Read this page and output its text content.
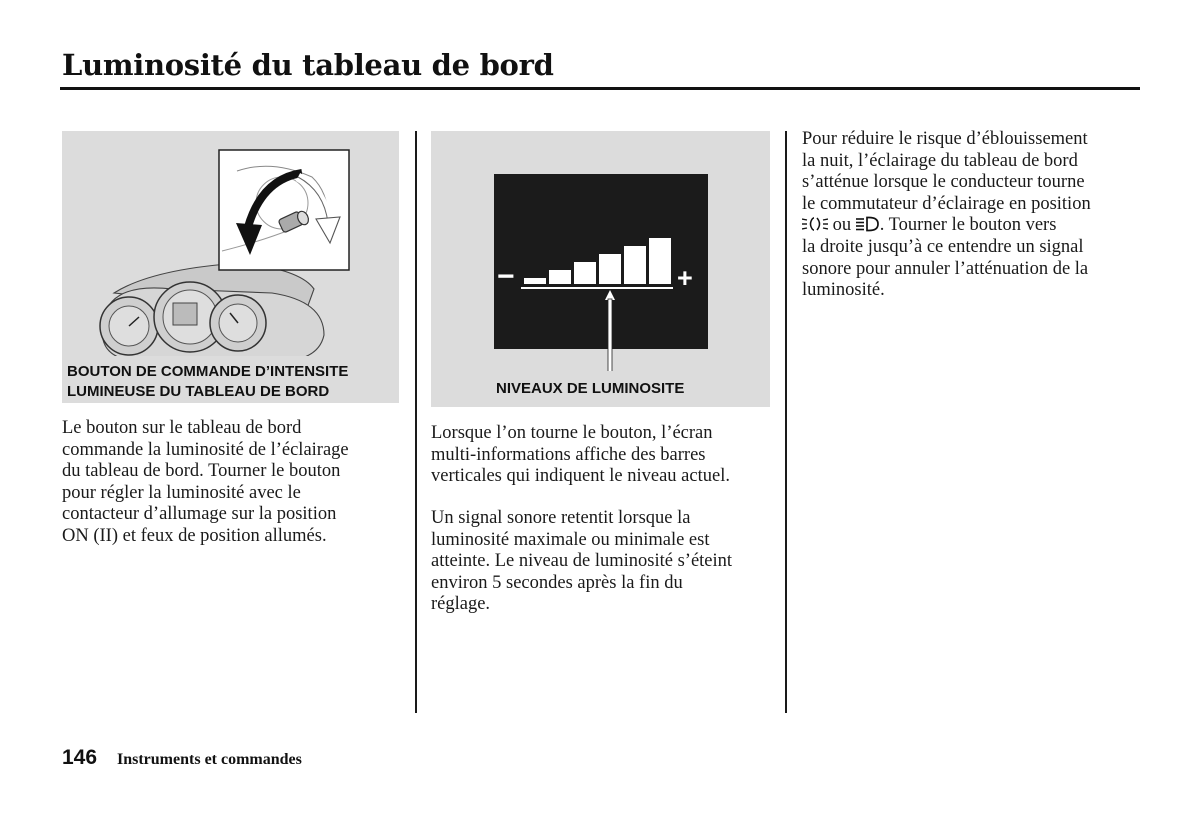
Luminosité du tableau de bord
BOUTON DE COMMANDE D’INTENSITE
LUMINEUSE DU TABLEAU DE BORD
−	+
NIVEAUX DE LUMINOSITE
Le bouton sur le tableau de bord
commande la luminosité de l’éclairage
du tableau de bord. Tourner le bouton
pour régler la luminosité avec le
contacteur d’allumage sur la position
ON (II) et feux de position allumés.
Lorsque l’on tourne le bouton, l’écran
multi-informations affiche des barres
verticales qui indiquent le niveau actuel.
Un signal sonore retentit lorsque la
luminosité maximale ou minimale est
atteinte. Le niveau de luminosité s’éteint
environ 5 secondes après la fin du
réglage.
Pour réduire le risque d’éblouissement
la nuit, l’éclairage du tableau de bord
s’atténue lorsque le conducteur tourne
le commutateur d’éclairage en position
ou . Tourner le bouton vers
la droite jusqu’à ce entendre un signal
sonore pour annuler l’atténuation de la
luminosité.
146 Instruments et commandes
